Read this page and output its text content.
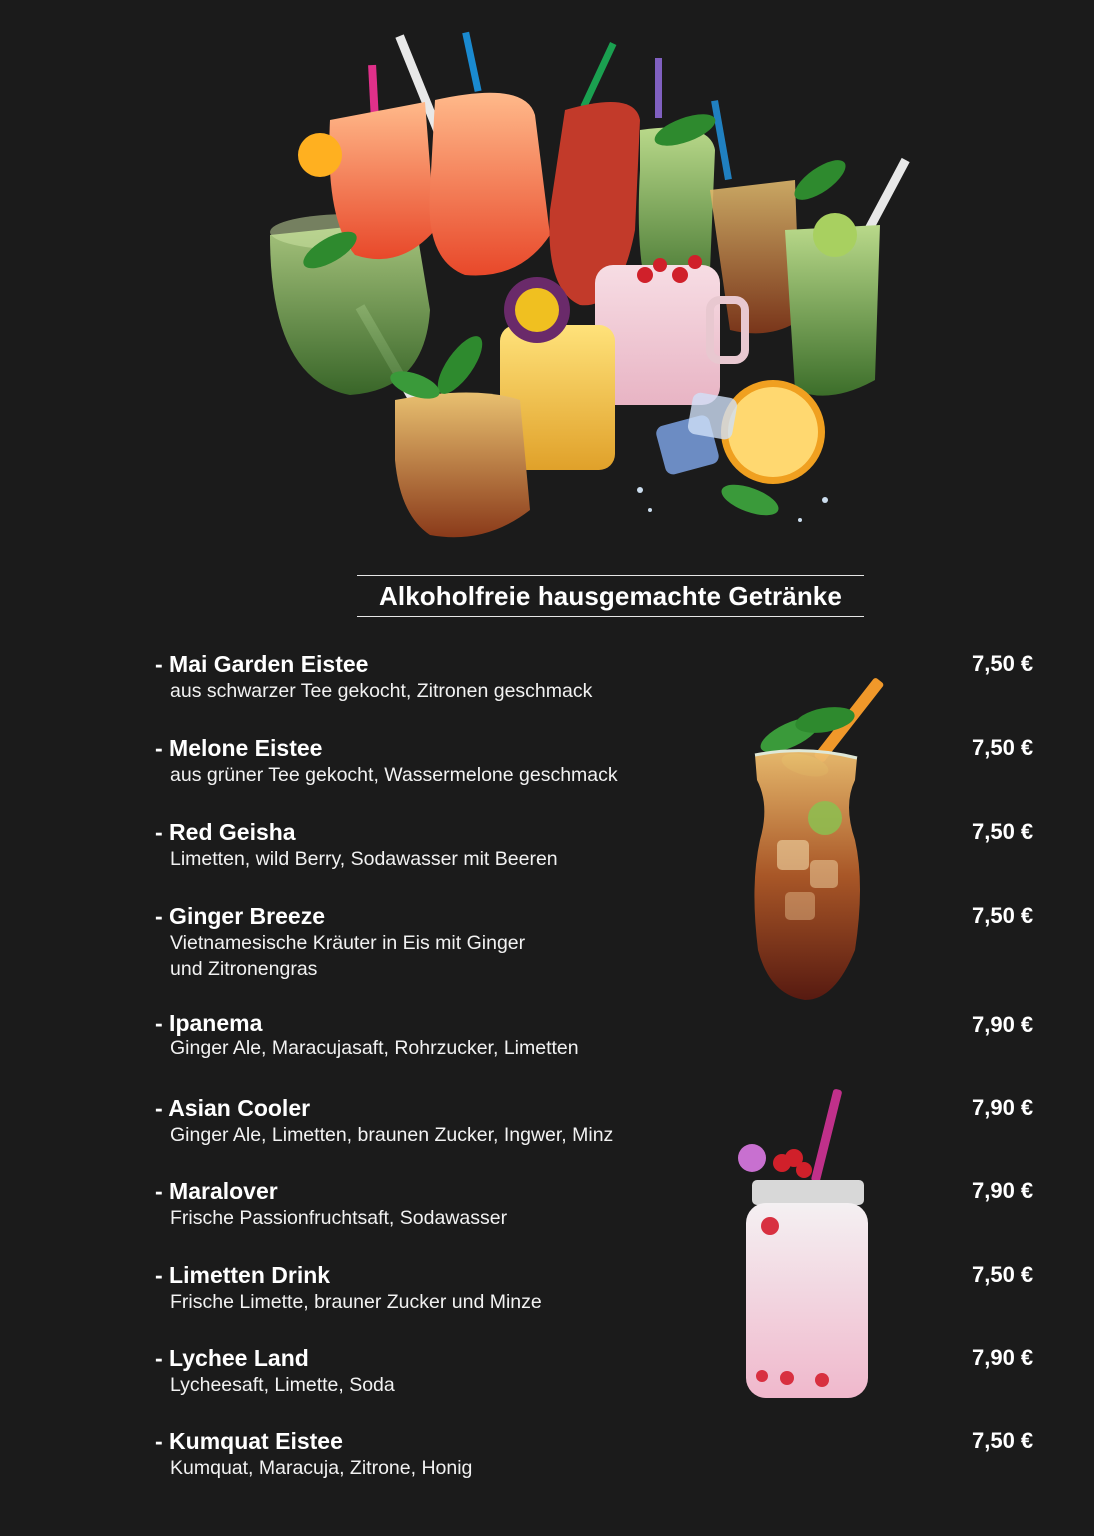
Alkoholfreie hausgemachte Getränke
- Mai Garden Eistee
aus schwarzer Tee gekocht, Zitronen geschmack
7,50 €
- Melone Eistee
aus grüner Tee gekocht, Wassermelone geschmack
7,50 €
- Red Geisha
Limetten, wild Berry, Sodawasser mit Beeren
7,50 €
- Ginger Breeze
Vietnamesische Kräuter in Eis mit Ginger
und Zitronengras
7,50 €
- Ipanema
Ginger Ale, Maracujasaft, Rohrzucker, Limetten
7,90 €
- Asian Cooler
Ginger Ale, Limetten, braunen Zucker, Ingwer, Minz
7,90 €
- Maralover
Frische Passionfruchtsaft, Sodawasser
7,90 €
- Limetten Drink
Frische Limette, brauner Zucker und Minze
7,50 €
- Lychee Land
Lycheesaft, Limette, Soda
7,90 €
- Kumquat Eistee
Kumquat, Maracuja, Zitrone, Honig
7,50 €
